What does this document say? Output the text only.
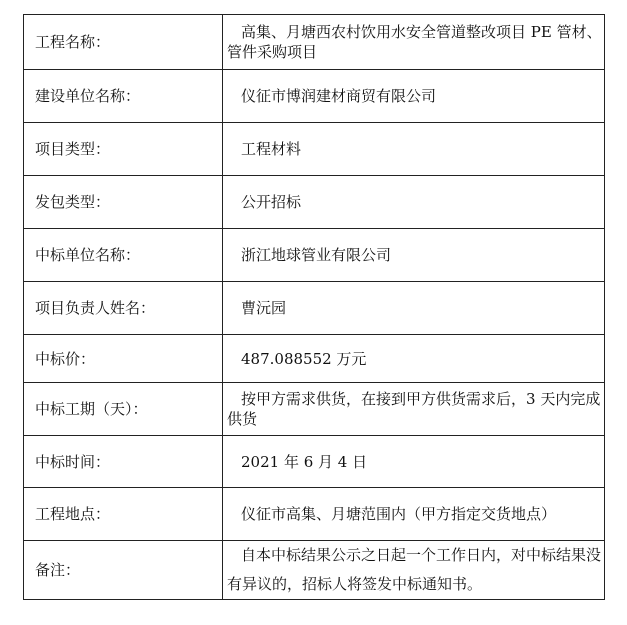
工程名称：	高集、月塘西农村饮用水安全管道整改项目 PE 管材、管件采购项目
建设单位名称：	仪征市博润建材商贸有限公司
项目类型：	工程材料
发包类型：	公开招标
中标单位名称：	浙江地球管业有限公司
项目负责人姓名：	曹沅园
中标价：	487.088552 万元
中标工期（天）：	按甲方需求供货，在接到甲方供货需求后，3 天内完成供货
中标时间：	2021 年 6 月 4 日
工程地点：	仪征市高集、月塘范围内（甲方指定交货地点）
备注：	自本中标结果公示之日起一个工作日内，对中标结果没有异议的，招标人将签发中标通知书。
